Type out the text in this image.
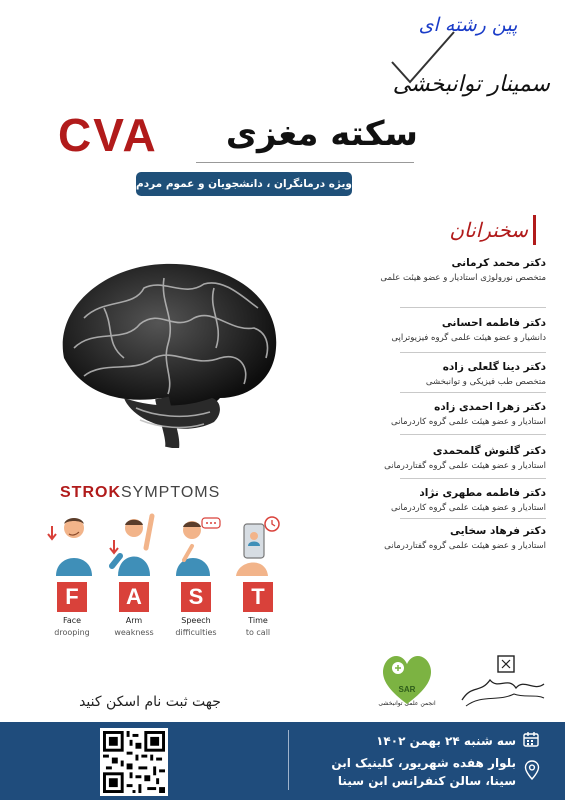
پین رشته ای
سمینار توانبخشی
CVA سکته مغزی
ویژه درمانگران ، دانشجویان و عموم مردم
سخنرانان
دکتر محمد کرمانی
متخصص نورولوژی استادیار و عضو هیئت علمی
دکتر فاطمه احسانی
دانشیار و عضو هیئت علمی گروه فیزیوتراپی
دکتر دینا گلعلی زاده
متخصص طب فیزیکی و توانبخشی
دکتر زهرا احمدی زاده
استادیار و عضو هیئت علمی گروه کاردرمانی
دکتر گلنوش گلمحمدی
استادیار و عضو هیئت علمی گروه گفتاردرمانی
دکتر فاطمه مطهری نژاد
استادیار و عضو هیئت علمی گروه کاردرمانی
دکتر فرهاد سخایی
استادیار و عضو هیئت علمی گروه گفتاردرمانی
STROKSYMPTOMS
F
Face
drooping
A
Arm
weakness
S
Speech
difficulties
T
Time
to call
SAR
انجمن علمی توانبخشی
جهت ثبت نام اسکن کنید
سه شنبه ۲۴ بهمن ۱۴۰۲
بلوار هفده شهریور، کلینیک ابن
سینا، سالن کنفرانس ابن سینا
